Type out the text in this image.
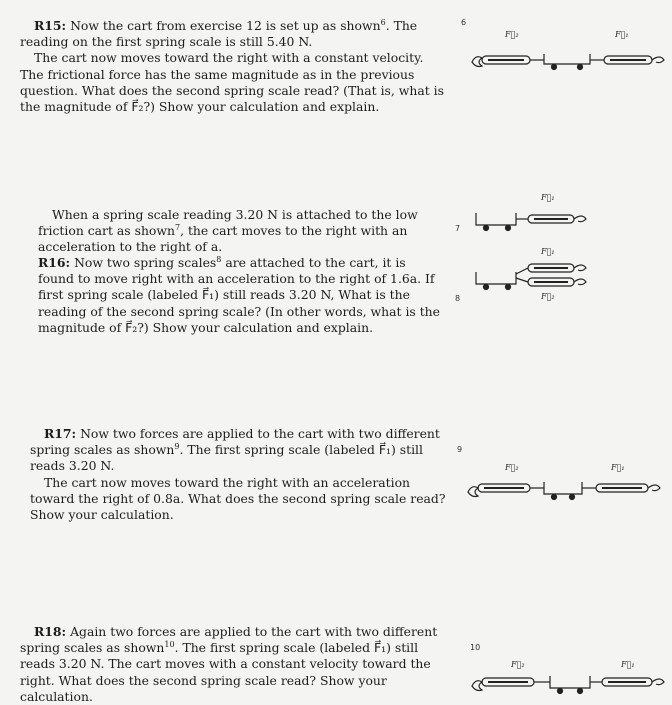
R15: Now the cart from exercise 12 is set up as shown$^6$. The reading on the first spring scale is still 5.40 N.

The cart now moves toward the right with a constant velocity. The frictional force has the same magnitude as in the previous question. What does the second spring scale read? (That is, what is the magnitude of F⃗₂?) Show your calculation and explain.

When a spring scale reading 3.20 N is attached to the low friction cart as shown$^7$, the cart moves to the right with an acceleration to the right of a.

R16: Now two spring scales$^8$ are attached to the cart, it is found to move right with an acceleration to the right of 1.6a. If first spring scale (labeled F⃗₁) still reads 3.20 N, What is the reading of the second spring scale? (In other words, what is the magnitude of F⃗₂?) Show your calculation and explain.

R17: Now two forces are applied to the cart with two different spring scales as shown$^9$. The first spring scale (labeled F⃗₁) still reads 3.20 N.

The cart now moves toward the right with an acceleration toward the right of 0.8a. What does the second spring scale read? Show your calculation.

R18: Again two forces are applied to the cart with two different spring scales as shown$^{10}$. The first spring scale (labeled F⃗₁) still reads 3.20 N. The cart moves with a constant velocity toward the right. What does the second spring scale read? Show your calculation.

6
F⃗₂	F⃗₁
7
F⃗₁
8
F⃗₁
F⃗₂
9
F⃗₂	F⃗₁
10
F⃗₂	F⃗₁
